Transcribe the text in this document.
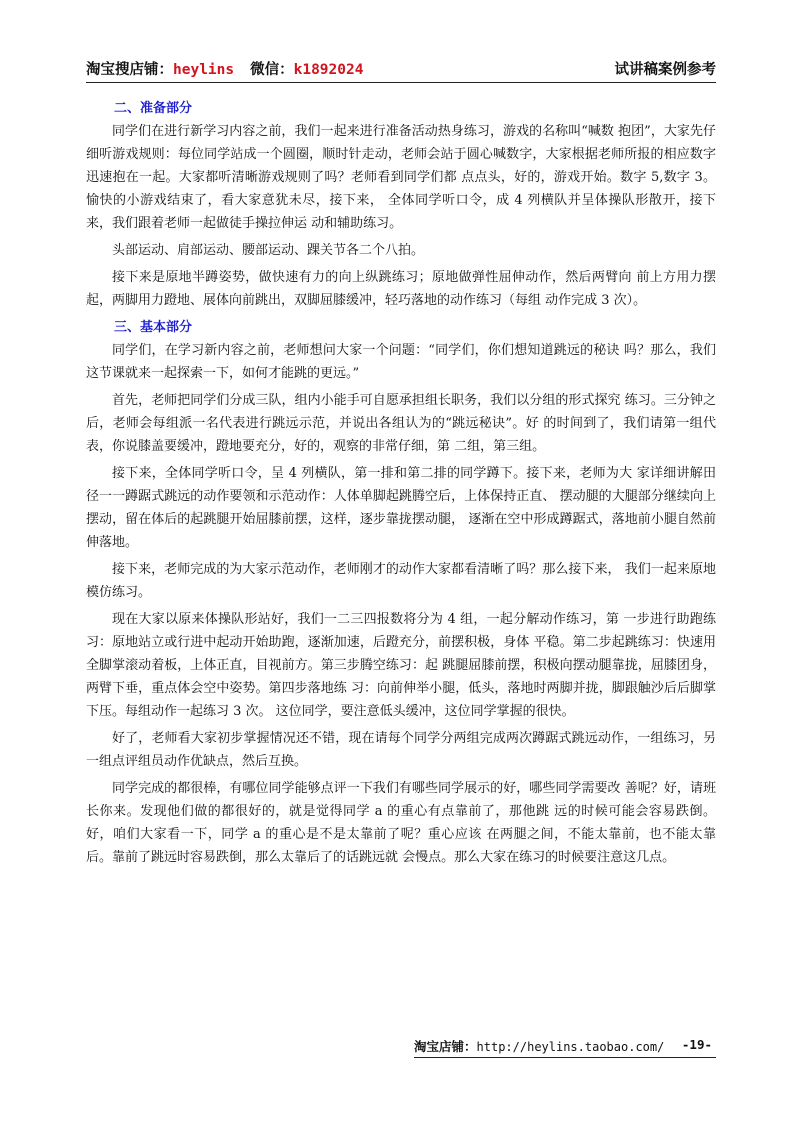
淘宝搜店铺：heylins 微信：k1892024	试讲稿案例参考
二、准备部分

同学们在进行新学习内容之前，我们一起来进行准备活动热身练习，游戏的名称叫“喊数 抱团”，大家先仔细听游戏规则：每位同学站成一个圆圈，顺时针走动，老师会站于圆心喊数字，大家根据老师所报的相应数字迅速抱在一起。大家都听清晰游戏规则了吗？老师看到同学们都 点点头，好的，游戏开始。数字 5,数字 3。愉快的小游戏结束了，看大家意犹未尽，接下来， 全体同学听口令，成 4 列横队并呈体操队形散开，接下来，我们跟着老师一起做徒手操拉伸运 动和辅助练习。

头部运动、肩部运动、腰部运动、踝关节各二个八拍。

接下来是原地半蹲姿势，做快速有力的向上纵跳练习；原地做弹性屈伸动作，然后两臂向 前上方用力摆起，两脚用力蹬地、展体向前跳出，双脚屈膝缓冲，轻巧落地的动作练习（每组 动作完成 3 次）。

三、基本部分

同学们，在学习新内容之前，老师想问大家一个问题：“同学们，你们想知道跳远的秘诀 吗？那么，我们这节课就来一起探索一下，如何才能跳的更远。”

首先，老师把同学们分成三队，组内小能手可自愿承担组长职务，我们以分组的形式探究 练习。三分钟之后，老师会每组派一名代表进行跳远示范，并说出各组认为的“跳远秘诀”。好 的时间到了，我们请第一组代表，你说膝盖要缓冲，蹬地要充分，好的，观察的非常仔细，第 二组，第三组。

接下来，全体同学听口令，呈 4 列横队，第一排和第二排的同学蹲下。接下来，老师为大 家详细讲解田径一一蹲踞式跳远的动作要领和示范动作：人体单脚起跳腾空后，上体保持正直、 摆动腿的大腿部分继续向上摆动，留在体后的起跳腿开始屈膝前摆，这样，逐步靠拢摆动腿， 逐渐在空中形成蹲踞式，落地前小腿自然前伸落地。

接下来，老师完成的为大家示范动作，老师刚才的动作大家都看清晰了吗？那么接下来， 我们一起来原地模仿练习。

现在大家以原来体操队形站好，我们一二三四报数将分为 4 组，一起分解动作练习，第 一步进行助跑练习：原地站立或行进中起动开始助跑，逐渐加速，后蹬充分，前摆积极，身体 平稳。第二步起跳练习：快速用全脚掌滚动着板，上体正直，目视前方。第三步腾空练习：起 跳腿屈膝前摆，积极向摆动腿靠拢，屈膝团身，两臂下垂，重点体会空中姿势。第四步落地练 习：向前伸举小腿，低头，落地时两脚并拢，脚跟触沙后后脚掌下压。每组动作一起练习 3 次。 这位同学，要注意低头缓冲，这位同学掌握的很快。

好了，老师看大家初步掌握情况还不错，现在请每个同学分两组完成两次蹲踞式跳远动作，一组练习，另一组点评组员动作优缺点，然后互换。

同学完成的都很棒，有哪位同学能够点评一下我们有哪些同学展示的好，哪些同学需要改 善呢？好，请班长你来。发现他们做的都很好的，就是觉得同学 a 的重心有点靠前了，那他跳 远的时候可能会容易跌倒。好，咱们大家看一下，同学 a 的重心是不是太靠前了呢？重心应该 在两腿之间，不能太靠前，也不能太靠后。靠前了跳远时容易跌倒，那么太靠后了的话跳远就 会慢点。那么大家在练习的时候要注意这几点。

淘宝店铺：http://heylins.taobao.com/ -19-
